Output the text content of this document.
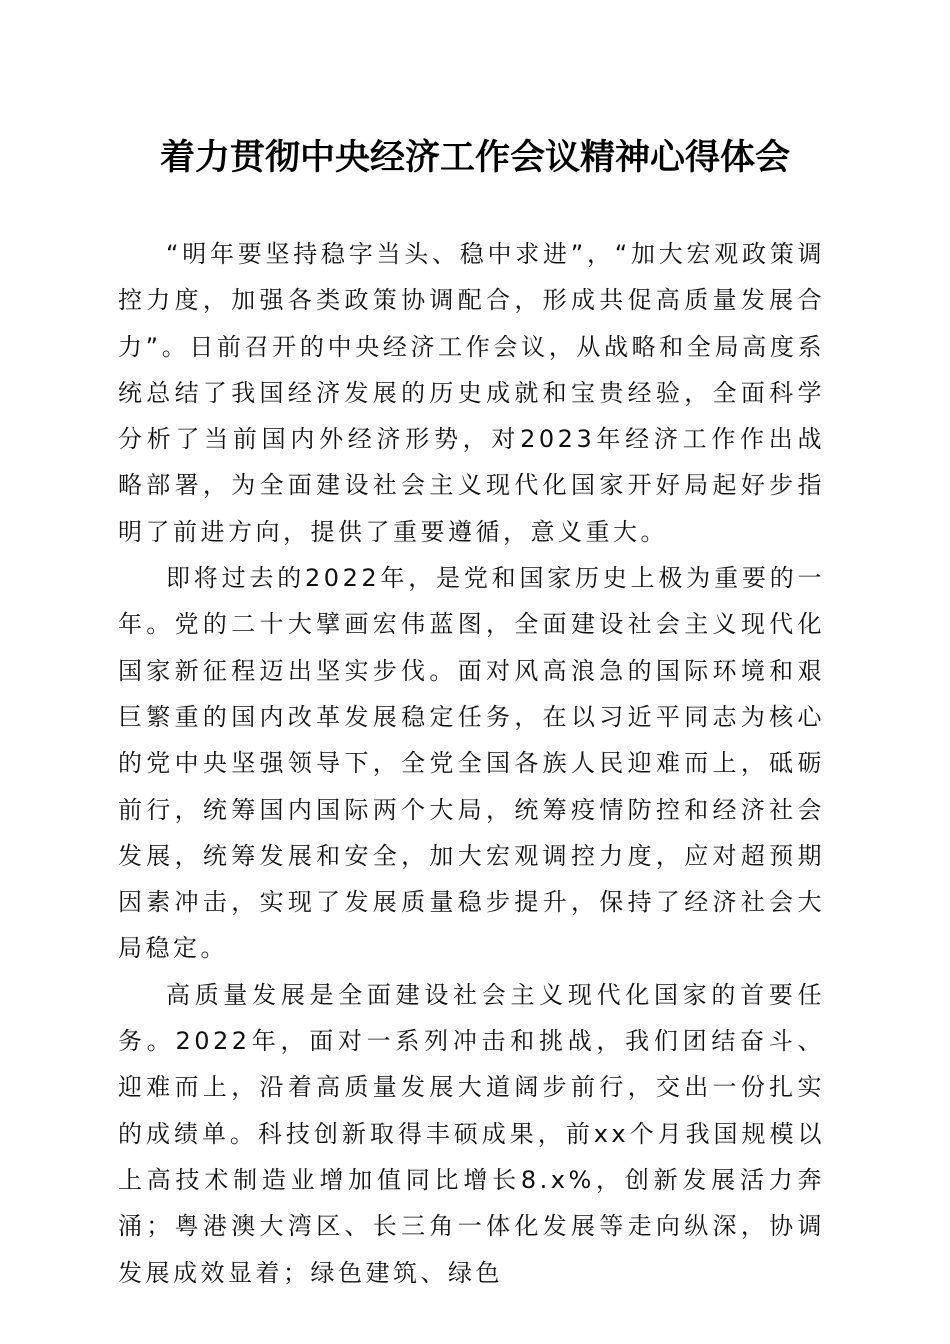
着力贯彻中央经济工作会议精神心得体会

“明年要坚持稳字当头、稳中求进”，“加大宏观政策调控力度，加强各类政策协调配合，形成共促高质量发展合力”。日前召开的中央经济工作会议，从战略和全局高度系统总结了我国经济发展的历史成就和宝贵经验，全面科学分析了当前国内外经济形势，对2023年经济工作作出战略部署，为全面建设社会主义现代化国家开好局起好步指明了前进方向，提供了重要遵循，意义重大。

即将过去的2022年，是党和国家历史上极为重要的一年。党的二十大擘画宏伟蓝图，全面建设社会主义现代化国家新征程迈出坚实步伐。面对风高浪急的国际环境和艰巨繁重的国内改革发展稳定任务，在以习近平同志为核心的党中央坚强领导下，全党全国各族人民迎难而上，砥砺前行，统筹国内国际两个大局，统筹疫情防控和经济社会发展，统筹发展和安全，加大宏观调控力度，应对超预期因素冲击，实现了发展质量稳步提升，保持了经济社会大局稳定。

高质量发展是全面建设社会主义现代化国家的首要任务。2022年，面对一系列冲击和挑战，我们团结奋斗、迎难而上，沿着高质量发展大道阔步前行，交出一份扎实的成绩单。科技创新取得丰硕成果，前xx个月我国规模以上高技术制造业增加值同比增长8.x%，创新发展活力奔涌；粤港澳大湾区、长三角一体化发展等走向纵深，协调发展成效显着；绿色建筑、绿色
